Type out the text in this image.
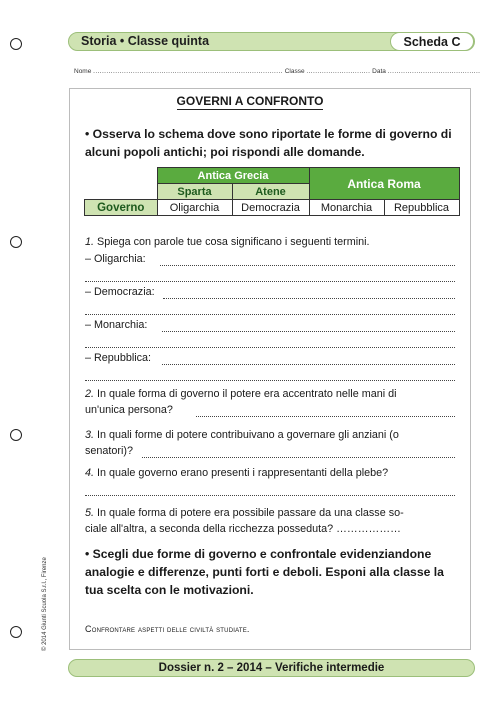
Storia • Classe quinta	Scheda C
Nome ...................................................................................... Classe ............................. Data ..........................................
GOVERNI A CONFRONTO
• Osserva lo schema dove sono riportate le forme di governo di alcuni popoli antichi; poi rispondi alle domande.
	Antica Grecia		Antica Roma	
	Sparta	Atene		
Governo	Oligarchia	Democrazia	Monarchia	Repubblica
1. Spiega con parole tue cosa significano i seguenti termini.
– Oligarchia:
– Democrazia:
– Monarchia:
– Repubblica:
2. In quale forma di governo il potere era accentrato nelle mani di
un'unica persona?
3. In quali forme di potere contribuivano a governare gli anziani (o
senatori)?
4. In quale governo erano presenti i rappresentanti della plebe?
5. In quale forma di potere era possibile passare da una classe so-
ciale all'altra, a seconda della ricchezza posseduta? ………………
• Scegli due forme di governo e confrontale evidenziandone analogie e differenze, punti forti e deboli. Esponi alla classe la tua scelta con le motivazioni.
Confrontare aspetti delle civiltà studiate.
Dossier n. 2 – 2014 – Verifiche intermedie
© 2014 Giunti Scuola S.r.l., Firenze
